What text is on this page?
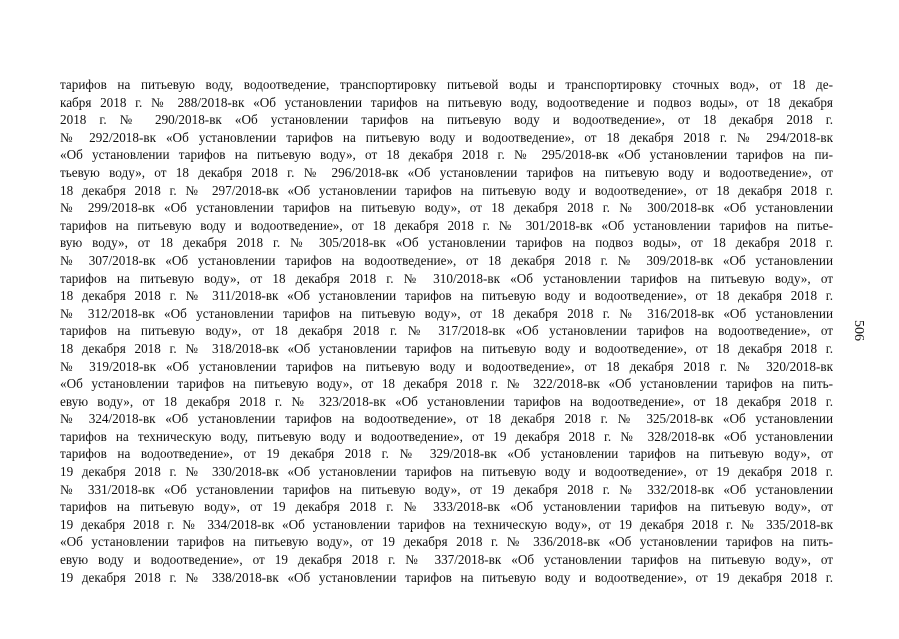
тарифов на питьевую воду, водоотведение, транспортировку питьевой воды и транспортировку сточных вод», от 18 де-
кабря 2018 г. № 288/2018-вк «Об установлении тарифов на питьевую воду, водоотведение и подвоз воды», от 18 декабря
2018 г. № 290/2018-вк «Об установлении тарифов на питьевую воду и водоотведение», от 18 декабря 2018 г.
№ 292/2018-вк «Об установлении тарифов на питьевую воду и водоотведение», от 18 декабря 2018 г. № 294/2018-вк
«Об установлении тарифов на питьевую воду», от 18 декабря 2018 г. № 295/2018-вк «Об установлении тарифов на пи-
тьевую воду», от 18 декабря 2018 г. № 296/2018-вк «Об установлении тарифов на питьевую воду и водоотведение», от
18 декабря 2018 г. № 297/2018-вк «Об установлении тарифов на питьевую воду и водоотведение», от 18 декабря 2018 г.
№ 299/2018-вк «Об установлении тарифов на питьевую воду», от 18 декабря 2018 г. № 300/2018-вк «Об установлении
тарифов на питьевую воду и водоотведение», от 18 декабря 2018 г. № 301/2018-вк «Об установлении тарифов на питье-
вую воду», от 18 декабря 2018 г. № 305/2018-вк «Об установлении тарифов на подвоз воды», от 18 декабря 2018 г.
№ 307/2018-вк «Об установлении тарифов на водоотведение», от 18 декабря 2018 г. № 309/2018-вк «Об установлении
тарифов на питьевую воду», от 18 декабря 2018 г. № 310/2018-вк «Об установлении тарифов на питьевую воду», от
18 декабря 2018 г. № 311/2018-вк «Об установлении тарифов на питьевую воду и водоотведение», от 18 декабря 2018 г.
№ 312/2018-вк «Об установлении тарифов на питьевую воду», от 18 декабря 2018 г. № 316/2018-вк «Об установлении
тарифов на питьевую воду», от 18 декабря 2018 г. № 317/2018-вк «Об установлении тарифов на водоотведение», от
18 декабря 2018 г. № 318/2018-вк «Об установлении тарифов на питьевую воду и водоотведение», от 18 декабря 2018 г.
№ 319/2018-вк «Об установлении тарифов на питьевую воду и водоотведение», от 18 декабря 2018 г. № 320/2018-вк
«Об установлении тарифов на питьевую воду», от 18 декабря 2018 г. № 322/2018-вк «Об установлении тарифов на пить-
евую воду», от 18 декабря 2018 г. № 323/2018-вк «Об установлении тарифов на водоотведение», от 18 декабря 2018 г.
№ 324/2018-вк «Об установлении тарифов на водоотведение», от 18 декабря 2018 г. № 325/2018-вк «Об установлении
тарифов на техническую воду, питьевую воду и водоотведение», от 19 декабря 2018 г. № 328/2018-вк «Об установлении
тарифов на водоотведение», от 19 декабря 2018 г. № 329/2018-вк «Об установлении тарифов на питьевую воду», от
19 декабря 2018 г. № 330/2018-вк «Об установлении тарифов на питьевую воду и водоотведение», от 19 декабря 2018 г.
№ 331/2018-вк «Об установлении тарифов на питьевую воду», от 19 декабря 2018 г. № 332/2018-вк «Об установлении
тарифов на питьевую воду», от 19 декабря 2018 г. № 333/2018-вк «Об установлении тарифов на питьевую воду», от
19 декабря 2018 г. № 334/2018-вк «Об установлении тарифов на техническую воду», от 19 декабря 2018 г. № 335/2018-вк
«Об установлении тарифов на питьевую воду», от 19 декабря 2018 г. № 336/2018-вк «Об установлении тарифов на пить-
евую воду и водоотведение», от 19 декабря 2018 г. № 337/2018-вк «Об установлении тарифов на питьевую воду», от
19 декабря 2018 г. № 338/2018-вк «Об установлении тарифов на питьевую воду и водоотведение», от 19 декабря 2018 г.
506
